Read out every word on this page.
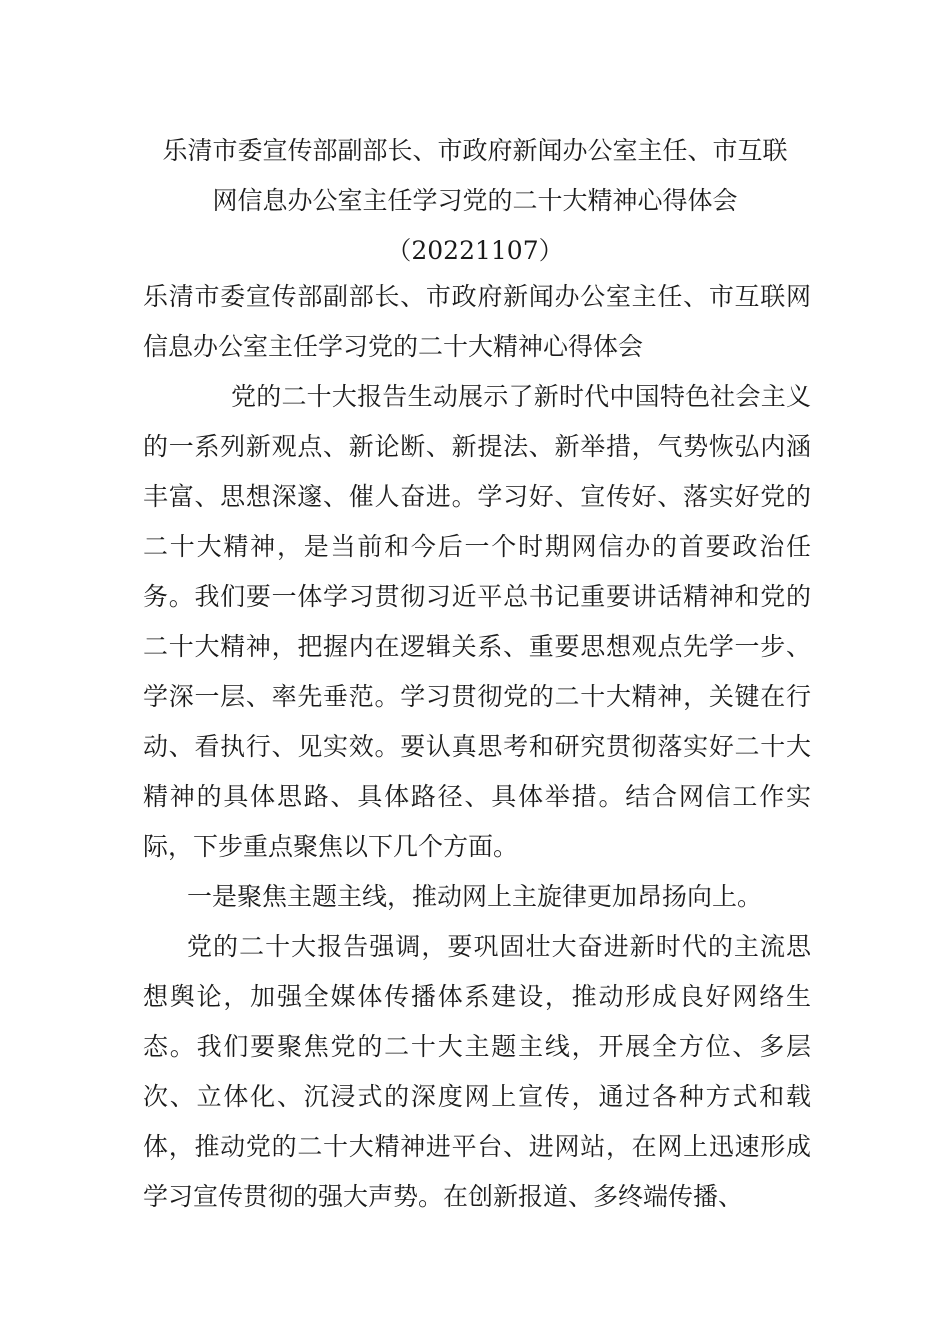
乐清市委宣传部副部长、市政府新闻办公室主任、市互联
网信息办公室主任学习党的二十大精神心得体会
（20221107）

乐清市委宣传部副部长、市政府新闻办公室主任、市互联网信息办公室主任学习党的二十大精神心得体会

党的二十大报告生动展示了新时代中国特色社会主义的一系列新观点、新论断、新提法、新举措，气势恢弘内涵丰富、思想深邃、催人奋进。学习好、宣传好、落实好党的二十大精神，是当前和今后一个时期网信办的首要政治任务。我们要一体学习贯彻习近平总书记重要讲话精神和党的二十大精神，把握内在逻辑关系、重要思想观点先学一步、学深一层、率先垂范。学习贯彻党的二十大精神，关键在行动、看执行、见实效。要认真思考和研究贯彻落实好二十大精神的具体思路、具体路径、具体举措。结合网信工作实际，下步重点聚焦以下几个方面。

一是聚焦主题主线，推动网上主旋律更加昂扬向上。

党的二十大报告强调，要巩固壮大奋进新时代的主流思想舆论，加强全媒体传播体系建设，推动形成良好网络生态。我们要聚焦党的二十大主题主线，开展全方位、多层次、立体化、沉浸式的深度网上宣传，通过各种方式和载体，推动党的二十大精神进平台、进网站，在网上迅速形成学习宣传贯彻的强大声势。在创新报道、多终端传播、
